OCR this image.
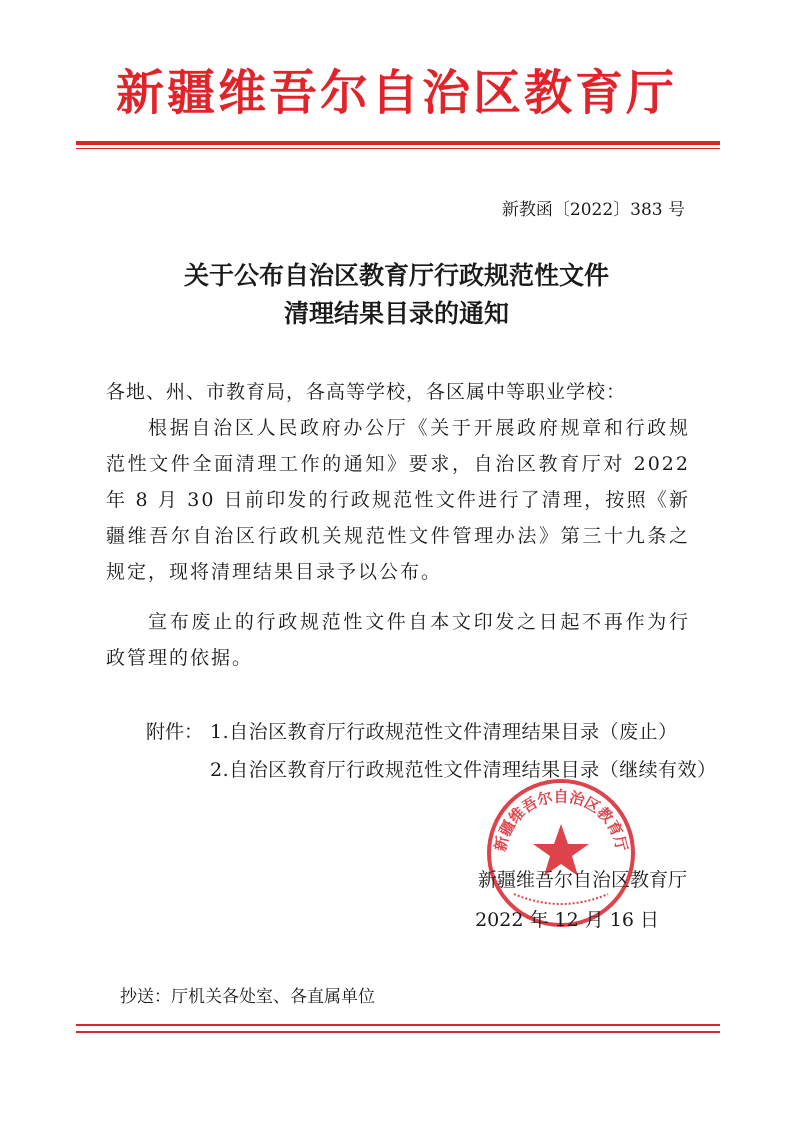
新疆维吾尔自治区教育厅
新教函〔2022〕383 号
关于公布自治区教育厅行政规范性文件
清理结果目录的通知
各地、州、市教育局，各高等学校，各区属中等职业学校：
根据自治区人民政府办公厅《关于开展政府规章和行政规范性文件全面清理工作的通知》要求，自治区教育厅对 2022 年 8 月 30 日前印发的行政规范性文件进行了清理，按照《新疆维吾尔自治区行政机关规范性文件管理办法》第三十九条之规定，现将清理结果目录予以公布。
宣布废止的行政规范性文件自本文印发之日起不再作为行政管理的依据。
附件： 1.自治区教育厅行政规范性文件清理结果目录（废止）
2.自治区教育厅行政规范性文件清理结果目录（继续有效）
新疆维吾尔自治区教育厅
新疆维吾尔自治区教育厅
2022 年 12 月 16 日
抄送：厅机关各处室、各直属单位
